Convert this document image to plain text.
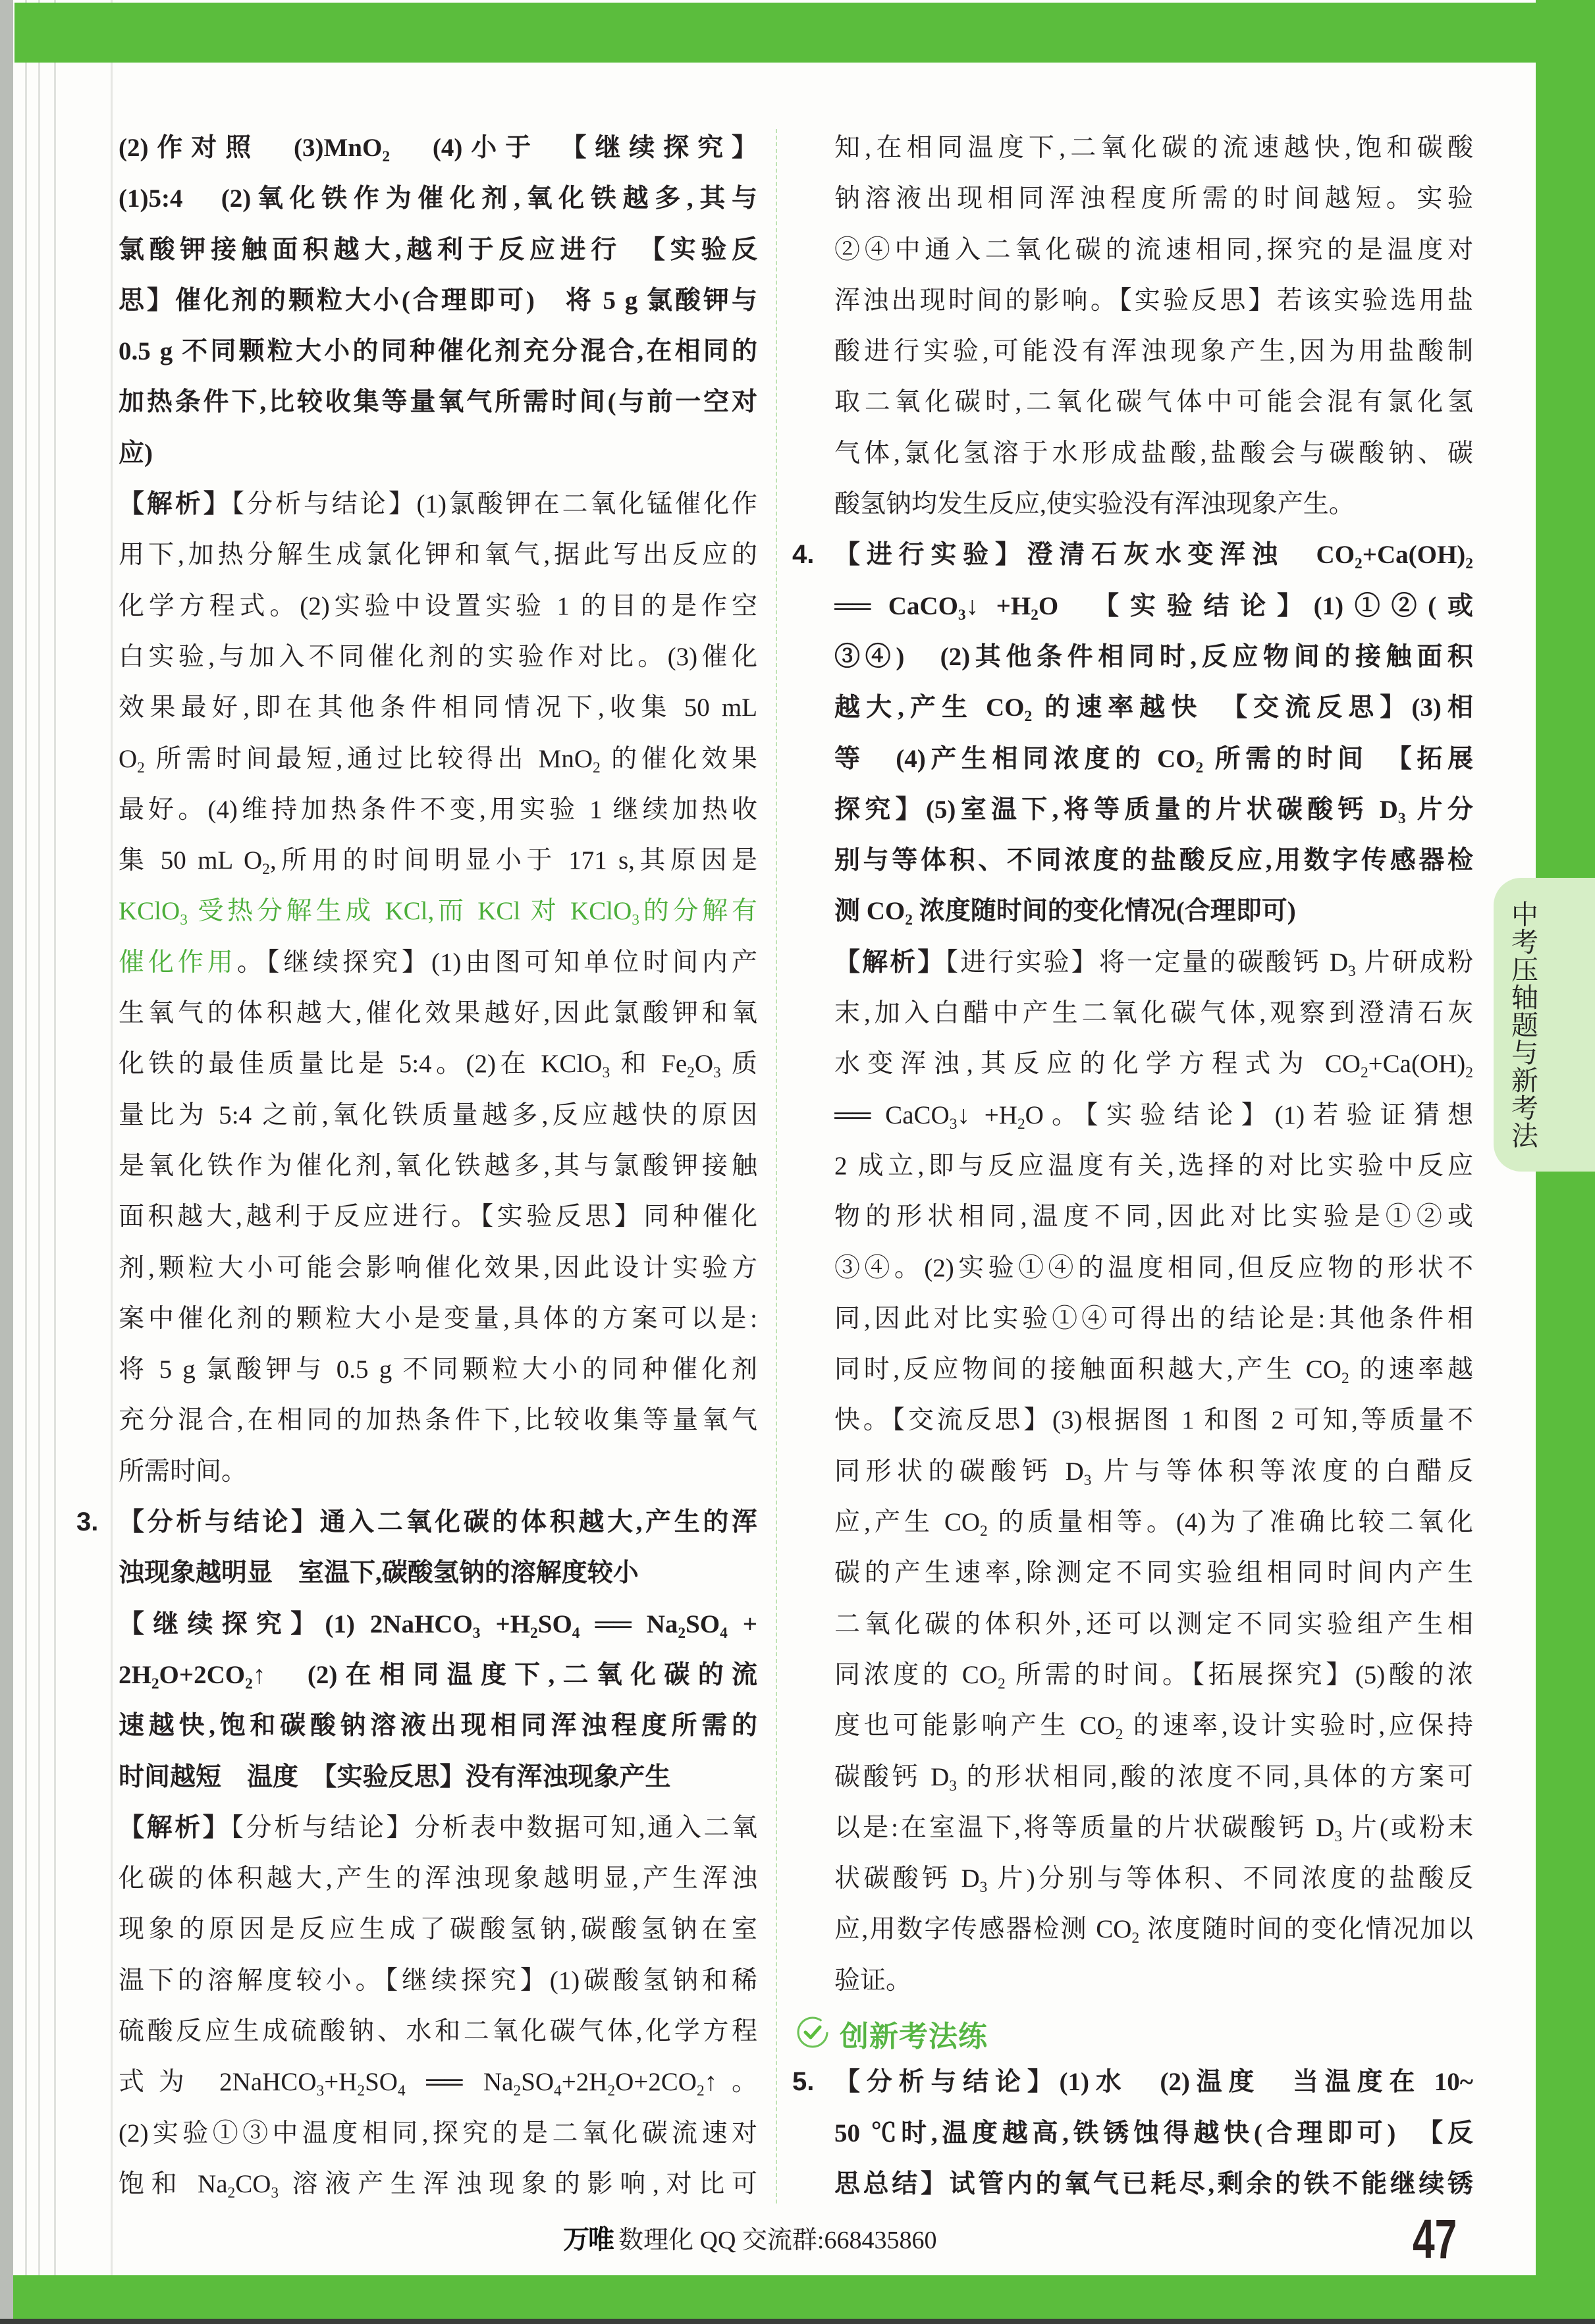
(2)作对照　(3)MnO$_2$　(4)小于　【继续探究】
(1)5:4　(2)氧化铁作为催化剂,氧化铁越多,其与
氯酸钾接触面积越大,越利于反应进行　【实验反
思】催化剂的颗粒大小(合理即可)　将 5 g 氯酸钾与
0.5 g 不同颗粒大小的同种催化剂充分混合,在相同的
加热条件下,比较收集等量氧气所需时间(与前一空对
应)
【解析】【分析与结论】(1)氯酸钾在二氧化锰催化作
用下,加热分解生成氯化钾和氧气,据此写出反应的
化学方程式。(2)实验中设置实验 1 的目的是作空
白实验,与加入不同催化剂的实验作对比。(3)催化
效果最好,即在其他条件相同情况下,收集 50 mL
$O_2$ 所需时间最短,通过比较得出 MnO$_2$ 的催化效果
最好。(4)维持加热条件不变,用实验 1 继续加热收
集 50 mL $O_2$,所用的时间明显小于 171 s,其原因是
KClO$_3$ 受热分解生成 KCl,而 KCl 对 KClO$_3$的分解有
催化作用。【继续探究】(1)由图可知单位时间内产
生氧气的体积越大,催化效果越好,因此氯酸钾和氧
化铁的最佳质量比是 5:4。(2)在 KClO$_3$ 和 $Fe_2O_3$ 质
量比为 5:4 之前,氧化铁质量越多,反应越快的原因
是氧化铁作为催化剂,氧化铁越多,其与氯酸钾接触
面积越大,越利于反应进行。【实验反思】同种催化
剂,颗粒大小可能会影响催化效果,因此设计实验方
案中催化剂的颗粒大小是变量,具体的方案可以是:
将 5 g 氯酸钾与 0.5 g 不同颗粒大小的同种催化剂
充分混合,在相同的加热条件下,比较收集等量氧气
所需时间。
3. 【分析与结论】通入二氧化碳的体积越大,产生的浑
浊现象越明显　室温下,碳酸氢钠的溶解度较小
【继续探究】(1) 2NaHCO$_3$ $+H_2SO_4$ ══ $Na_2SO_4$ +
$2H_2O+2CO_2↑$　(2)在相同温度下,二氧化碳的流
速越快,饱和碳酸钠溶液出现相同浑浊程度所需的
时间越短　温度　【实验反思】没有浑浊现象产生
【解析】【分析与结论】分析表中数据可知,通入二氧
化碳的体积越大,产生的浑浊现象越明显,产生浑浊
现象的原因是反应生成了碳酸氢钠,碳酸氢钠在室
温下的溶解度较小。【继续探究】(1)碳酸氢钠和稀
硫酸反应生成硫酸钠、水和二氧化碳气体,化学方程
式为 $2NaHCO_3+H_2SO_4$ ══ $Na_2SO_4+2H_2O+2CO_2↑$。
(2)实验①③中温度相同,探究的是二氧化碳流速对
饱和 $Na_2CO_3$ 溶液产生浑浊现象的影响,对比可
知,在相同温度下,二氧化碳的流速越快,饱和碳酸
钠溶液出现相同浑浊程度所需的时间越短。实验
②④中通入二氧化碳的流速相同,探究的是温度对
浑浊出现时间的影响。【实验反思】若该实验选用盐
酸进行实验,可能没有浑浊现象产生,因为用盐酸制
取二氧化碳时,二氧化碳气体中可能会混有氯化氢
气体,氯化氢溶于水形成盐酸,盐酸会与碳酸钠、碳
酸氢钠均发生反应,使实验没有浑浊现象产生。
4. 【进行实验】澄清石灰水变浑浊　$CO_2+Ca(OH)_2$
══ CaCO$_3$↓ $+H_2O$　【实验结论】(1)①②(或
③④)　(2)其他条件相同时,反应物间的接触面积
越大,产生 $CO_2$ 的速率越快　【交流反思】(3)相
等　(4)产生相同浓度的 $CO_2$ 所需的时间　【拓展
探究】(5)室温下,将等质量的片状碳酸钙 $D_3$ 片分
别与等体积、不同浓度的盐酸反应,用数字传感器检
测 $CO_2$ 浓度随时间的变化情况(合理即可)
【解析】【进行实验】将一定量的碳酸钙 $D_3$ 片研成粉
末,加入白醋中产生二氧化碳气体,观察到澄清石灰
水变浑浊,其反应的化学方程式为 $CO_2+Ca(OH)_2$
══ CaCO$_3$↓ $+H_2O$。【实验结论】(1)若验证猜想
2 成立,即与反应温度有关,选择的对比实验中反应
物的形状相同,温度不同,因此对比实验是①②或
③④。(2)实验①④的温度相同,但反应物的形状不
同,因此对比实验①④可得出的结论是:其他条件相
同时,反应物间的接触面积越大,产生 $CO_2$ 的速率越
快。【交流反思】(3)根据图 1 和图 2 可知,等质量不
同形状的碳酸钙 $D_3$ 片与等体积等浓度的白醋反
应,产生 $CO_2$ 的质量相等。(4)为了准确比较二氧化
碳的产生速率,除测定不同实验组相同时间内产生
二氧化碳的体积外,还可以测定不同实验组产生相
同浓度的 $CO_2$ 所需的时间。【拓展探究】(5)酸的浓
度也可能影响产生 $CO_2$ 的速率,设计实验时,应保持
碳酸钙 $D_3$ 的形状相同,酸的浓度不同,具体的方案可
以是:在室温下,将等质量的片状碳酸钙 $D_3$ 片(或粉末
状碳酸钙 $D_3$ 片)分别与等体积、不同浓度的盐酸反
应,用数字传感器检测 $CO_2$ 浓度随时间的变化情况加以
验证。
5. 【分析与结论】(1)水　(2)温度　当温度在 10~
50 ℃时,温度越高,铁锈蚀得越快(合理即可)　【反
思总结】试管内的氧气已耗尽,剩余的铁不能继续锈
创新考法练
中考压轴题与新考法
万唯 数理化 QQ 交流群:668435860	47
